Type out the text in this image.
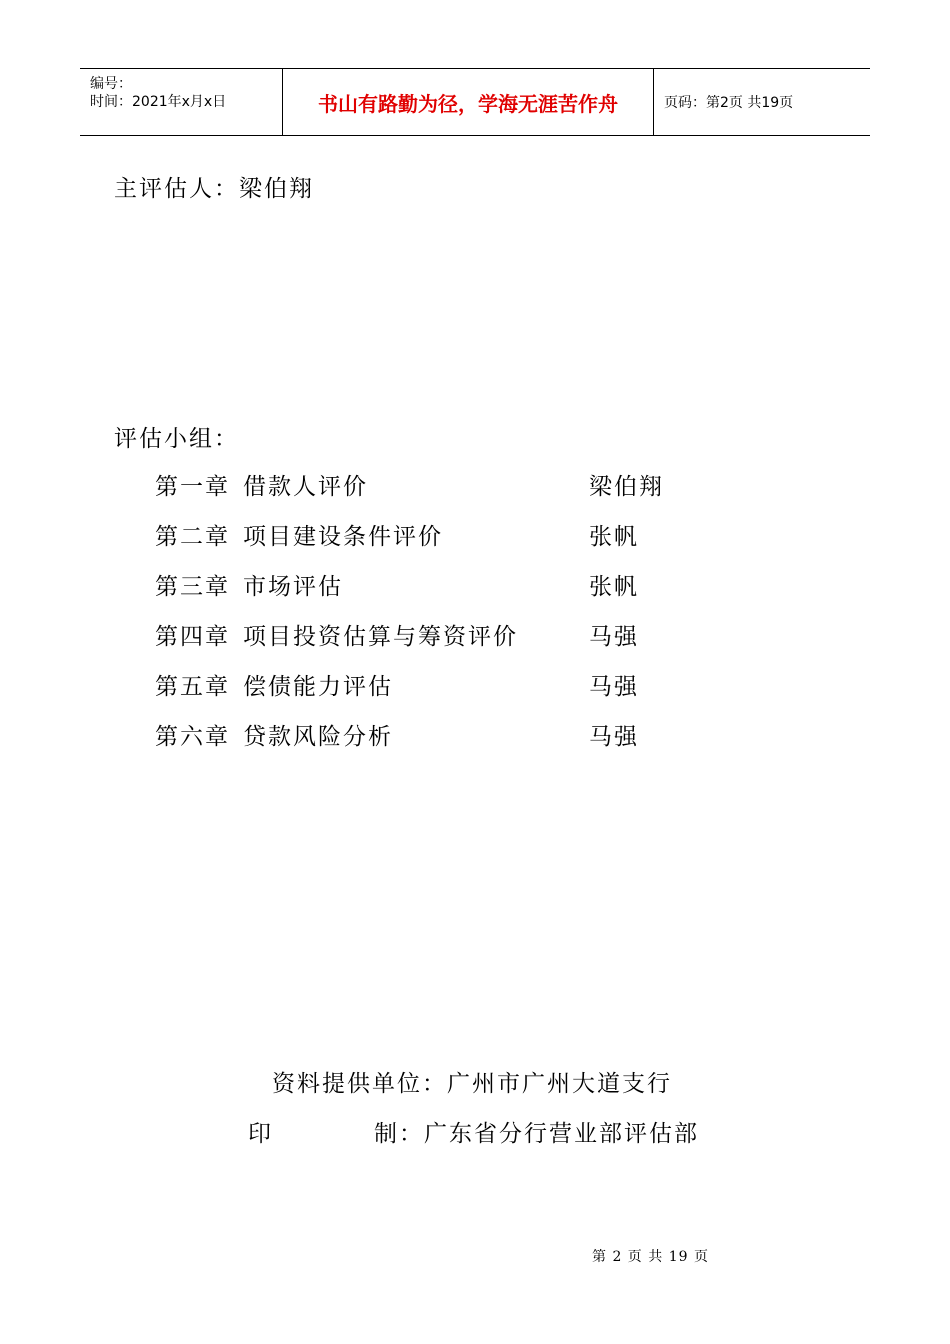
编号：
时间：2021年x月x日	书山有路勤为径，学海无涯苦作舟	页码：第2页 共19页
主评估人：梁伯翔
评估小组：
第一章 借款人评价	梁伯翔
第二章 项目建设条件评价	张帆
第三章 市场评估	张帆
第四章 项目投资估算与筹资评价	马强
第五章 偿债能力评估	马强
第六章 贷款风险分析	马强
资料提供单位：广州市广州大道支行
印	制：广东省分行营业部评估部
第 2 页 共 19 页
